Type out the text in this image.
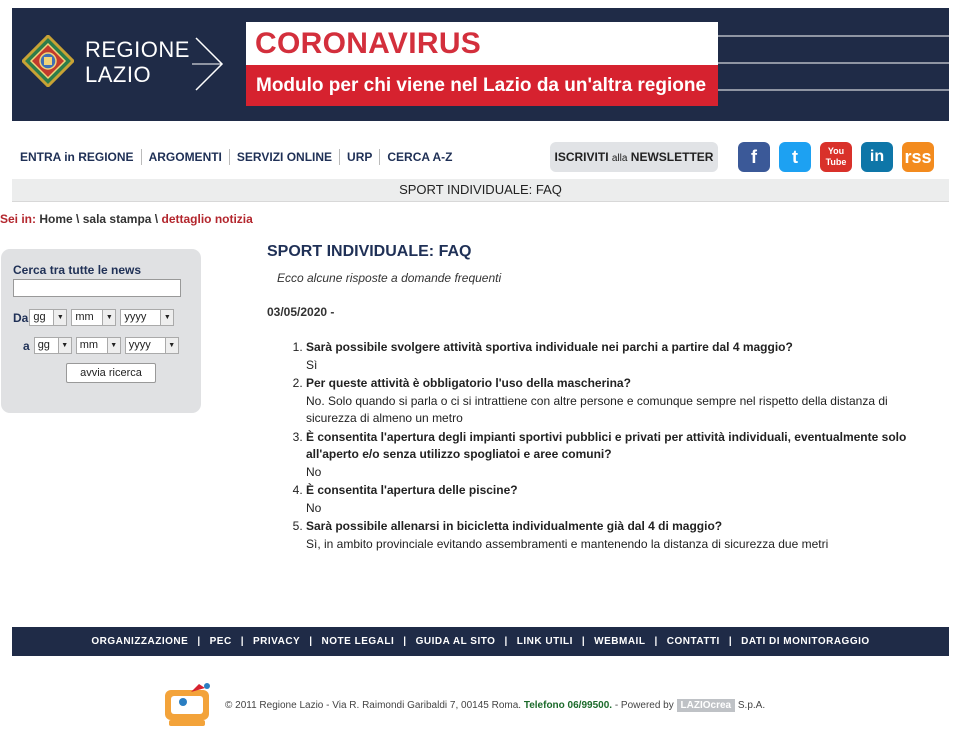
REGIONE
LAZIO
CORONAVIRUS
Modulo per chi viene nel Lazio da un'altra regione
ENTRA in REGIONE	ARGOMENTI	SERVIZI ONLINE	URP	CERCA A-Z	ISCRIVITI alla NEWSLETTER	f	t	You Tube	in	rss
SPORT INDIVIDUALE: FAQ
Sei in: Home \ sala stampa \ dettaglio notizia
Cerca tra tutte le news
Da gg	▼	mm	▼	yyyy	▼
a gg	▼	mm	▼	yyyy	▼
avvia ricerca
SPORT INDIVIDUALE: FAQ
Ecco alcune risposte a domande frequenti
03/05/2020 -
1. Sarà possibile svolgere attività sportiva individuale nei parchi a partire dal 4 maggio?
Sì
2. Per queste attività è obbligatorio l'uso della mascherina?
No. Solo quando si parla o ci si intrattiene con altre persone e comunque sempre nel rispetto della distanza di sicurezza di almeno un metro
3. È consentita l'apertura degli impianti sportivi pubblici e privati per attività individuali, eventualmente solo all'aperto e/o senza utilizzo spogliatoi e aree comuni?
No
4. È consentita l'apertura delle piscine?
No
5. Sarà possibile allenarsi in bicicletta individualmente già dal 4 di maggio?
Sì, in ambito provinciale evitando assembramenti e mantenendo la distanza di sicurezza due metri
ORGANIZZAZIONE | PEC | PRIVACY | NOTE LEGALI | GUIDA AL SITO | LINK UTILI | WEBMAIL | CONTATTI | DATI DI MONITORAGGIO
© 2011 Regione Lazio - Via R. Raimondi Garibaldi 7, 00145 Roma. Telefono 06/99500. - Powered by LAZIOcrea S.p.A.
